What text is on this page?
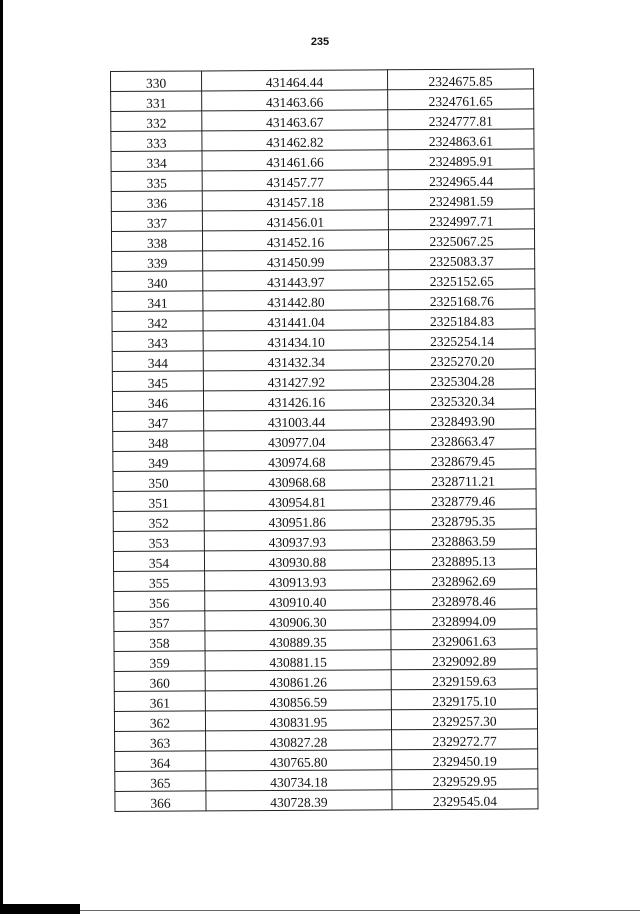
235
330	431464.44	2324675.85
331	431463.66	2324761.65
332	431463.67	2324777.81
333	431462.82	2324863.61
334	431461.66	2324895.91
335	431457.77	2324965.44
336	431457.18	2324981.59
337	431456.01	2324997.71
338	431452.16	2325067.25
339	431450.99	2325083.37
340	431443.97	2325152.65
341	431442.80	2325168.76
342	431441.04	2325184.83
343	431434.10	2325254.14
344	431432.34	2325270.20
345	431427.92	2325304.28
346	431426.16	2325320.34
347	431003.44	2328493.90
348	430977.04	2328663.47
349	430974.68	2328679.45
350	430968.68	2328711.21
351	430954.81	2328779.46
352	430951.86	2328795.35
353	430937.93	2328863.59
354	430930.88	2328895.13
355	430913.93	2328962.69
356	430910.40	2328978.46
357	430906.30	2328994.09
358	430889.35	2329061.63
359	430881.15	2329092.89
360	430861.26	2329159.63
361	430856.59	2329175.10
362	430831.95	2329257.30
363	430827.28	2329272.77
364	430765.80	2329450.19
365	430734.18	2329529.95
366	430728.39	2329545.04
